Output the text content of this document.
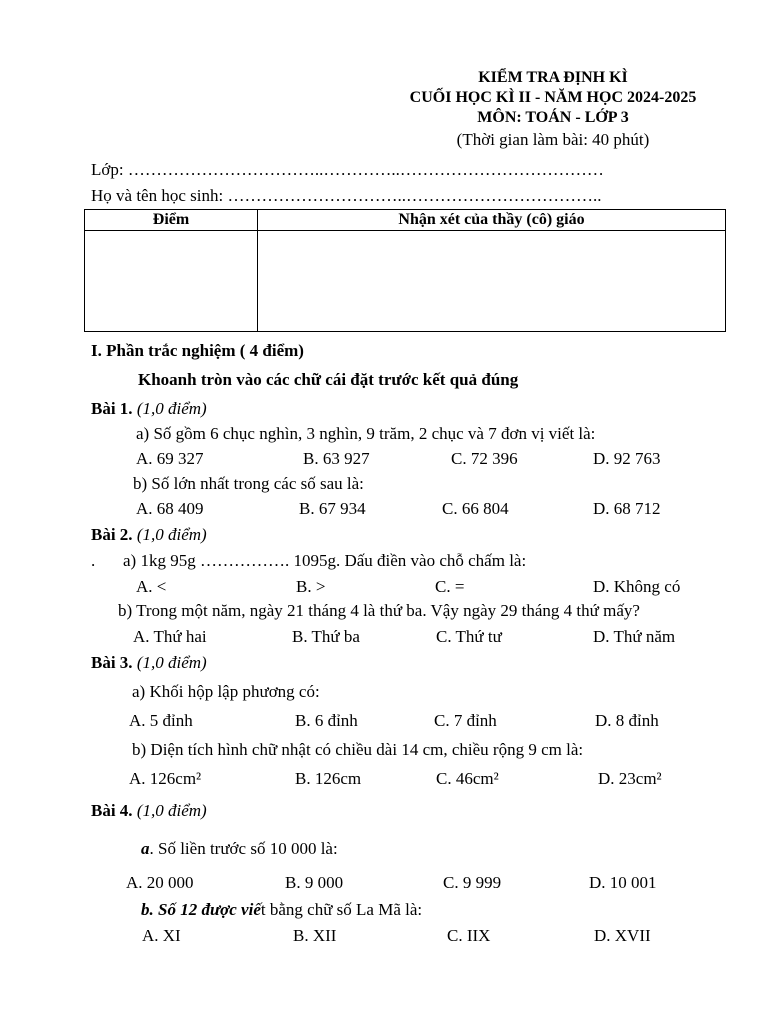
KIỂM TRA ĐỊNH KÌ
CUỐI HỌC KÌ II - NĂM HỌC 2024-2025
MÔN: TOÁN - LỚP 3
(Thời gian làm bài: 40 phút)
Lớp: ……………………………..…………..………………………………
Họ và tên học sinh: …………………………..……………………………..
Điểm	Nhận xét của thầy (cô) giáo

I. Phần trắc nghiệm ( 4 điểm)
Khoanh tròn vào các chữ cái đặt trước kết quả đúng
Bài 1. (1,0 điểm)
a) Số gồm 6 chục nghìn, 3 nghìn, 9 trăm, 2 chục và 7 đơn vị viết là:
A. 69 327	B. 63 927	C. 72 396	D. 92 763
b) Số lớn nhất trong các số sau là:
A. 68 409	B. 67 934	C. 66 804	D. 68 712
Bài 2. (1,0 điểm)
. a) 1kg 95g ……………. 1095g. Dấu điền vào chỗ chấm là:
A. <	B. >	C. =	D. Không có
b) Trong một năm, ngày 21 tháng 4 là thứ ba. Vậy ngày 29 tháng 4 thứ mấy?
A. Thứ hai	B. Thứ ba	C. Thứ tư	D. Thứ năm
Bài 3. (1,0 điểm)
a) Khối hộp lập phương có:
A. 5 đỉnh	B. 6 đỉnh	C. 7 đỉnh	D. 8 đỉnh
b) Diện tích hình chữ nhật có chiều dài 14 cm, chiều rộng 9 cm là:
A. 126cm²	B. 126cm	C. 46cm²	D. 23cm²
Bài 4. (1,0 điểm)
a. Số liền trước số 10 000 là:
A. 20 000	B. 9 000	C. 9 999	D. 10 001
b. Số 12 được viết bằng chữ số La Mã là:
A. XI	B. XII	C. IIX	D. XVII
